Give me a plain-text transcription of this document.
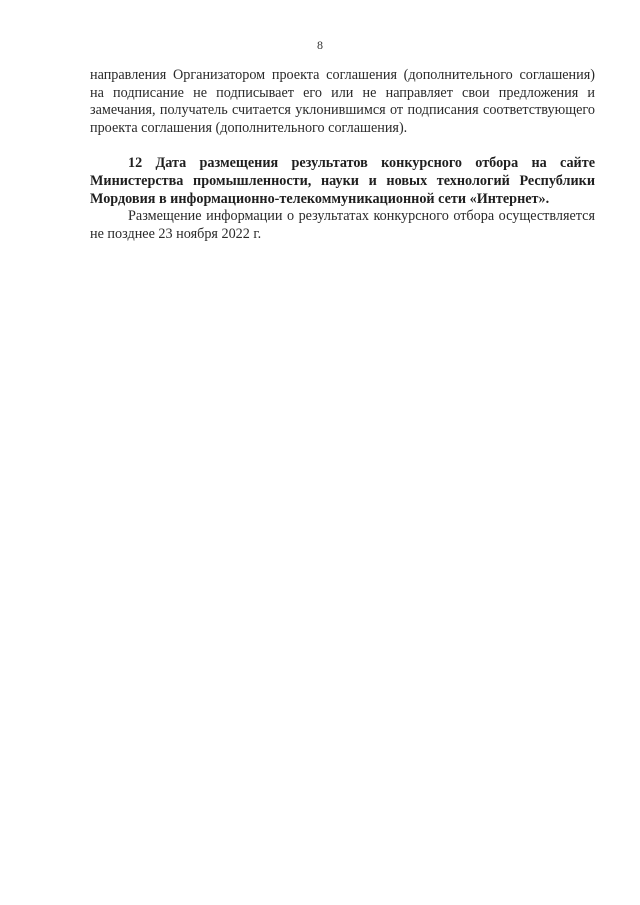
8

направления Организатором проекта соглашения (дополнительного соглашения) на подписание не подписывает его или не направляет свои предложения и замечания, получатель считается уклонившимся от подписания соответствующего проекта соглашения (дополнительного соглашения).

12 Дата размещения результатов конкурсного отбора на сайте Министерства промышленности, науки и новых технологий Республики Мордовия в информационно-телекоммуникационной сети «Интернет».

Размещение информации о результатах конкурсного отбора осуществляется не позднее 23 ноября 2022 г.
